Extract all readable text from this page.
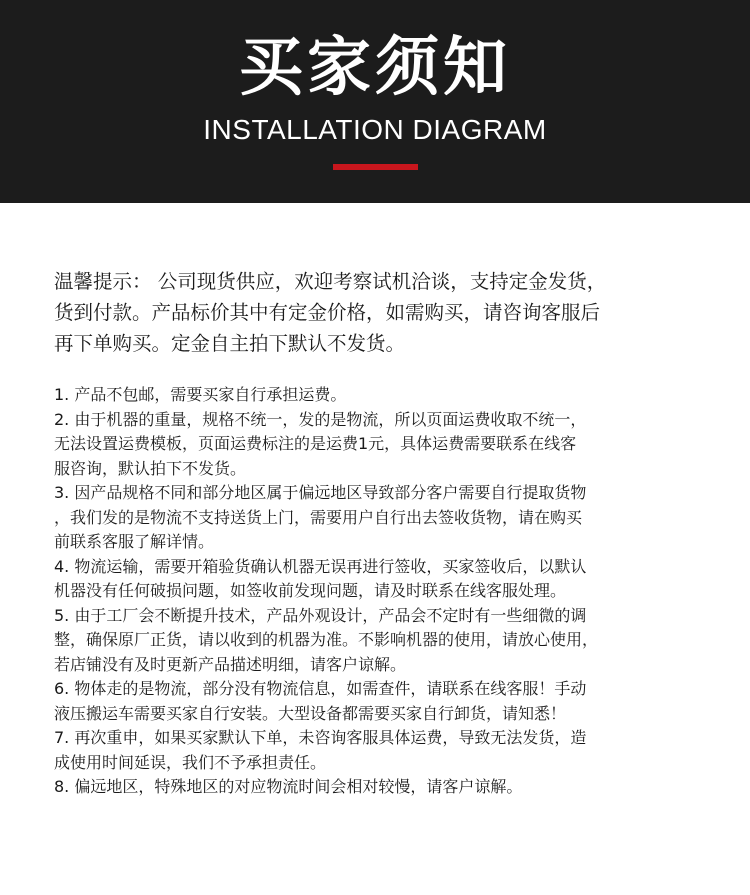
买家须知
INSTALLATION DIAGRAM
温馨提示： 公司现货供应，欢迎考察试机洽谈，支持定金发货，
货到付款。产品标价其中有定金价格，如需购买，请咨询客服后
再下单购买。定金自主拍下默认不发货。
1. 产品不包邮，需要买家自行承担运费。
2. 由于机器的重量，规格不统一，发的是物流，所以页面运费收取不统一，
无法设置运费模板，页面运费标注的是运费1元，具体运费需要联系在线客
服咨询，默认拍下不发货。
3. 因产品规格不同和部分地区属于偏远地区导致部分客户需要自行提取货物
，我们发的是物流不支持送货上门，需要用户自行出去签收货物，请在购买
前联系客服了解详情。
4. 物流运输，需要开箱验货确认机器无误再进行签收，买家签收后，以默认
机器没有任何破损问题，如签收前发现问题，请及时联系在线客服处理。
5. 由于工厂会不断提升技术，产品外观设计，产品会不定时有一些细微的调
整，确保原厂正货，请以收到的机器为准。不影响机器的使用，请放心使用，
若店铺没有及时更新产品描述明细，请客户谅解。
6. 物体走的是物流，部分没有物流信息，如需查件，请联系在线客服！手动
液压搬运车需要买家自行安装。大型设备都需要买家自行卸货，请知悉！
7. 再次重申，如果买家默认下单，未咨询客服具体运费，导致无法发货，造
成使用时间延误，我们不予承担责任。
8. 偏远地区，特殊地区的对应物流时间会相对较慢，请客户谅解。
